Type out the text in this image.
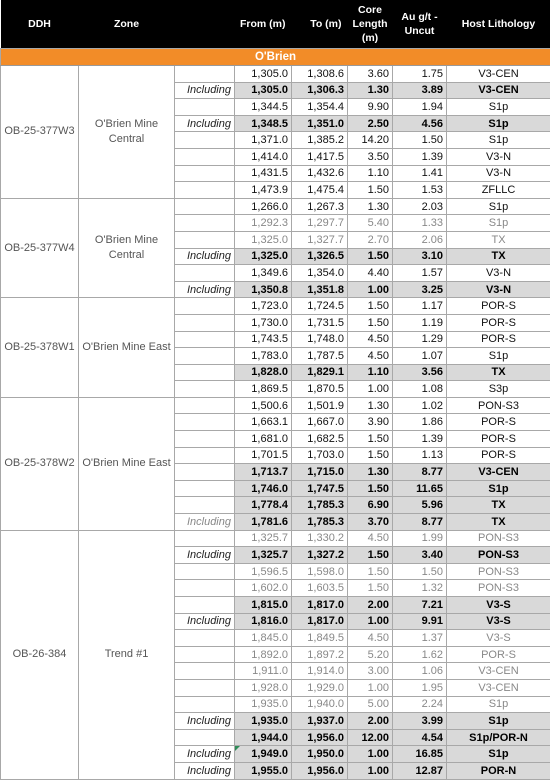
DDH	Zone		From (m)	To (m)	Core Length (m)	Au g/t - Uncut	Host Lithology
O'Brien							
OB-25-377W3	O'Brien Mine Central		1,305.0	1,308.6	3.60	1.75	V3-CEN
		Including	1,305.0	1,306.3	1.30	3.89	V3-CEN
			1,344.5	1,354.4	9.90	1.94	S1p
		Including	1,348.5	1,351.0	2.50	4.56	S1p
			1,371.0	1,385.2	14.20	1.50	S1p
			1,414.0	1,417.5	3.50	1.39	V3-N
			1,431.5	1,432.6	1.10	1.41	V3-N
			1,473.9	1,475.4	1.50	1.53	ZFLLC
OB-25-377W4	O'Brien Mine Central		1,266.0	1,267.3	1.30	2.03	S1p
			1,292.3	1,297.7	5.40	1.33	S1p
			1,325.0	1,327.7	2.70	2.06	TX
		Including	1,325.0	1,326.5	1.50	3.10	TX
			1,349.6	1,354.0	4.40	1.57	V3-N
		Including	1,350.8	1,351.8	1.00	3.25	V3-N
OB-25-378W1	O'Brien Mine East		1,723.0	1,724.5	1.50	1.17	POR-S
			1,730.0	1,731.5	1.50	1.19	POR-S
			1,743.5	1,748.0	4.50	1.29	POR-S
			1,783.0	1,787.5	4.50	1.07	S1p
			1,828.0	1,829.1	1.10	3.56	TX
			1,869.5	1,870.5	1.00	1.08	S3p
OB-25-378W2	O'Brien Mine East		1,500.6	1,501.9	1.30	1.02	PON-S3
			1,663.1	1,667.0	3.90	1.86	POR-S
			1,681.0	1,682.5	1.50	1.39	POR-S
			1,701.5	1,703.0	1.50	1.13	POR-S
			1,713.7	1,715.0	1.30	8.77	V3-CEN
			1,746.0	1,747.5	1.50	11.65	S1p
			1,778.4	1,785.3	6.90	5.96	TX
		Including	1,781.6	1,785.3	3.70	8.77	TX
OB-26-384	Trend #1		1,325.7	1,330.2	4.50	1.99	PON-S3
		Including	1,325.7	1,327.2	1.50	3.40	PON-S3
			1,596.5	1,598.0	1.50	1.50	PON-S3
			1,602.0	1,603.5	1.50	1.32	PON-S3
			1,815.0	1,817.0	2.00	7.21	V3-S
		Including	1,816.0	1,817.0	1.00	9.91	V3-S
			1,845.0	1,849.5	4.50	1.37	V3-S
			1,892.0	1,897.2	5.20	1.62	POR-S
			1,911.0	1,914.0	3.00	1.06	V3-CEN
			1,928.0	1,929.0	1.00	1.95	V3-CEN
			1,935.0	1,940.0	5.00	2.24	S1p
		Including	1,935.0	1,937.0	2.00	3.99	S1p
			1,944.0	1,956.0	12.00	4.54	S1p/POR-N
		Including	1,949.0	1,950.0	1.00	16.85	S1p
		Including	1,955.0	1,956.0	1.00	12.87	POR-N
